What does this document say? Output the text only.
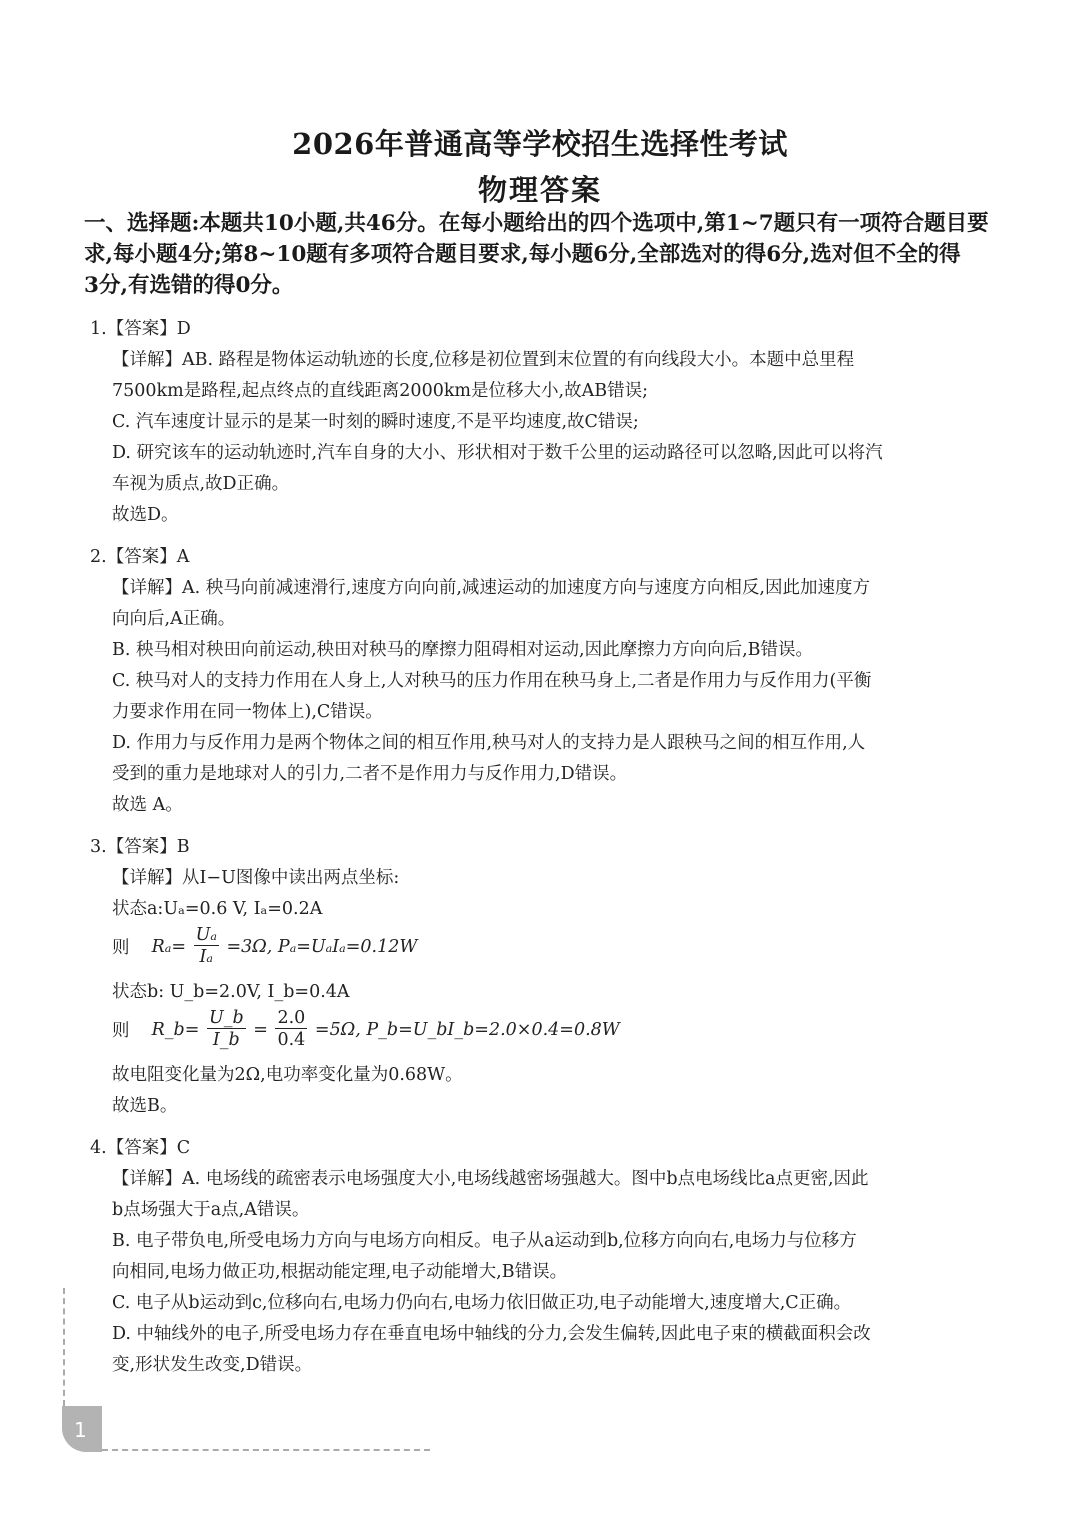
2026年普通高等学校招生选择性考试
物理答案
一、选择题:本题共10小题,共46分。在每小题给出的四个选项中,第1~7题只有一项符合题目要
求,每小题4分;第8~10题有多项符合题目要求,每小题6分,全部选对的得6分,选对但不全的得
3分,有选错的得0分。
1.【答案】D
【详解】AB. 路程是物体运动轨迹的长度,位移是初位置到末位置的有向线段大小。本题中总里程
7500km是路程,起点终点的直线距离2000km是位移大小,故AB错误;
C. 汽车速度计显示的是某一时刻的瞬时速度,不是平均速度,故C错误;
D. 研究该车的运动轨迹时,汽车自身的大小、形状相对于数千公里的运动路径可以忽略,因此可以将汽
车视为质点,故D正确。
故选D。
2.【答案】A
【详解】A. 秧马向前减速滑行,速度方向向前,减速运动的加速度方向与速度方向相反,因此加速度方
向向后,A正确。
B. 秧马相对秧田向前运动,秧田对秧马的摩擦力阻碍相对运动,因此摩擦力方向向后,B错误。
C. 秧马对人的支持力作用在人身上,人对秧马的压力作用在秧马身上,二者是作用力与反作用力(平衡
力要求作用在同一物体上),C错误。
D. 作用力与反作用力是两个物体之间的相互作用,秧马对人的支持力是人跟秧马之间的相互作用,人
受到的重力是地球对人的引力,二者不是作用力与反作用力,D错误。
故选 A。
3.【答案】B
【详解】从I−U图像中读出两点坐标:
状态a:Uₐ=0.6 V, Iₐ=0.2A
则 $R_a= \frac{\text{Uₐ}}{\text{Iₐ}} =3\Omega$, Pₐ=UₐIₐ=0.12W
状态b: U_b=2.0V, I_b=0.4A
则 R_b= $\frac{U\_b}{I\_b} = \frac{2.0}{0.4} =5\Omega$, P_b=U_bI_b=2.0×0.4=0.8W
故电阻变化量为2Ω,电功率变化量为0.68W。
故选B。
4.【答案】C
【详解】A. 电场线的疏密表示电场强度大小,电场线越密场强越大。图中b点电场线比a点更密,因此
b点场强大于a点,A错误。
B. 电子带负电,所受电场力方向与电场方向相反。电子从a运动到b,位移方向向右,电场力与位移方
向相同,电场力做正功,根据动能定理,电子动能增大,B错误。
C. 电子从b运动到c,位移向右,电场力仍向右,电场力依旧做正功,电子动能增大,速度增大,C正确。
D. 中轴线外的电子,所受电场力存在垂直电场中轴线的分力,会发生偏转,因此电子束的横截面积会改
变,形状发生改变,D错误。
1
